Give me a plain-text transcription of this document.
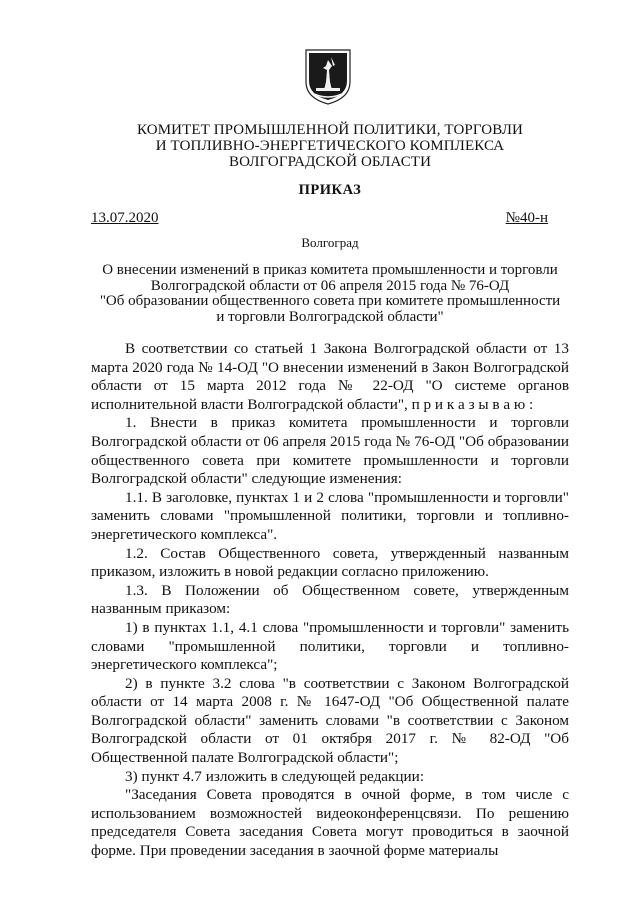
КОМИТЕТ ПРОМЫШЛЕННОЙ ПОЛИТИКИ, ТОРГОВЛИ
И ТОПЛИВНО-ЭНЕРГЕТИЧЕСКОГО КОМПЛЕКСА
ВОЛГОГРАДСКОЙ ОБЛАСТИ
ПРИКАЗ
13.07.2020	№40-н
Волгоград
О внесении изменений в приказ комитета промышленности и торговли
Волгоградской области от 06 апреля 2015 года № 76-ОД
"Об образовании общественного совета при комитете промышленности
и торговли Волгоградской области"

В соответствии со статьей 1 Закона Волгоградской области от 13 марта 2020 года № 14-ОД "О внесении изменений в Закон Волгоградской области от 15 марта 2012 года № 22-ОД "О системе органов исполнительной власти Волгоградской области", п р и к а з ы в а ю :

1. Внести в приказ комитета промышленности и торговли Волгоградской области от 06 апреля 2015 года № 76-ОД "Об образовании общественного совета при комитете промышленности и торговли Волгоградской области" следующие изменения:

1.1. В заголовке, пунктах 1 и 2 слова "промышленности и торговли" заменить словами "промышленной политики, торговли и топливно-энергетического комплекса".

1.2. Состав Общественного совета, утвержденный названным приказом, изложить в новой редакции согласно приложению.

1.3. В Положении об Общественном совете, утвержденным названным приказом:

1) в пунктах 1.1, 4.1 слова "промышленности и торговли" заменить словами "промышленной политики, торговли и топливно-энергетического комплекса";

2) в пункте 3.2 слова "в соответствии с Законом Волгоградской области от 14 марта 2008 г. № 1647-ОД "Об Общественной палате Волгоградской области" заменить словами "в соответствии с Законом Волгоградской области от 01 октября 2017 г. № 82-ОД "Об Общественной палате Волгоградской области";

3) пункт 4.7 изложить в следующей редакции:

"Заседания Совета проводятся в очной форме, в том числе с использованием возможностей видеоконференцсвязи. По решению председателя Совета заседания Совета могут проводиться в заочной форме. При проведении заседания в заочной форме материалы
